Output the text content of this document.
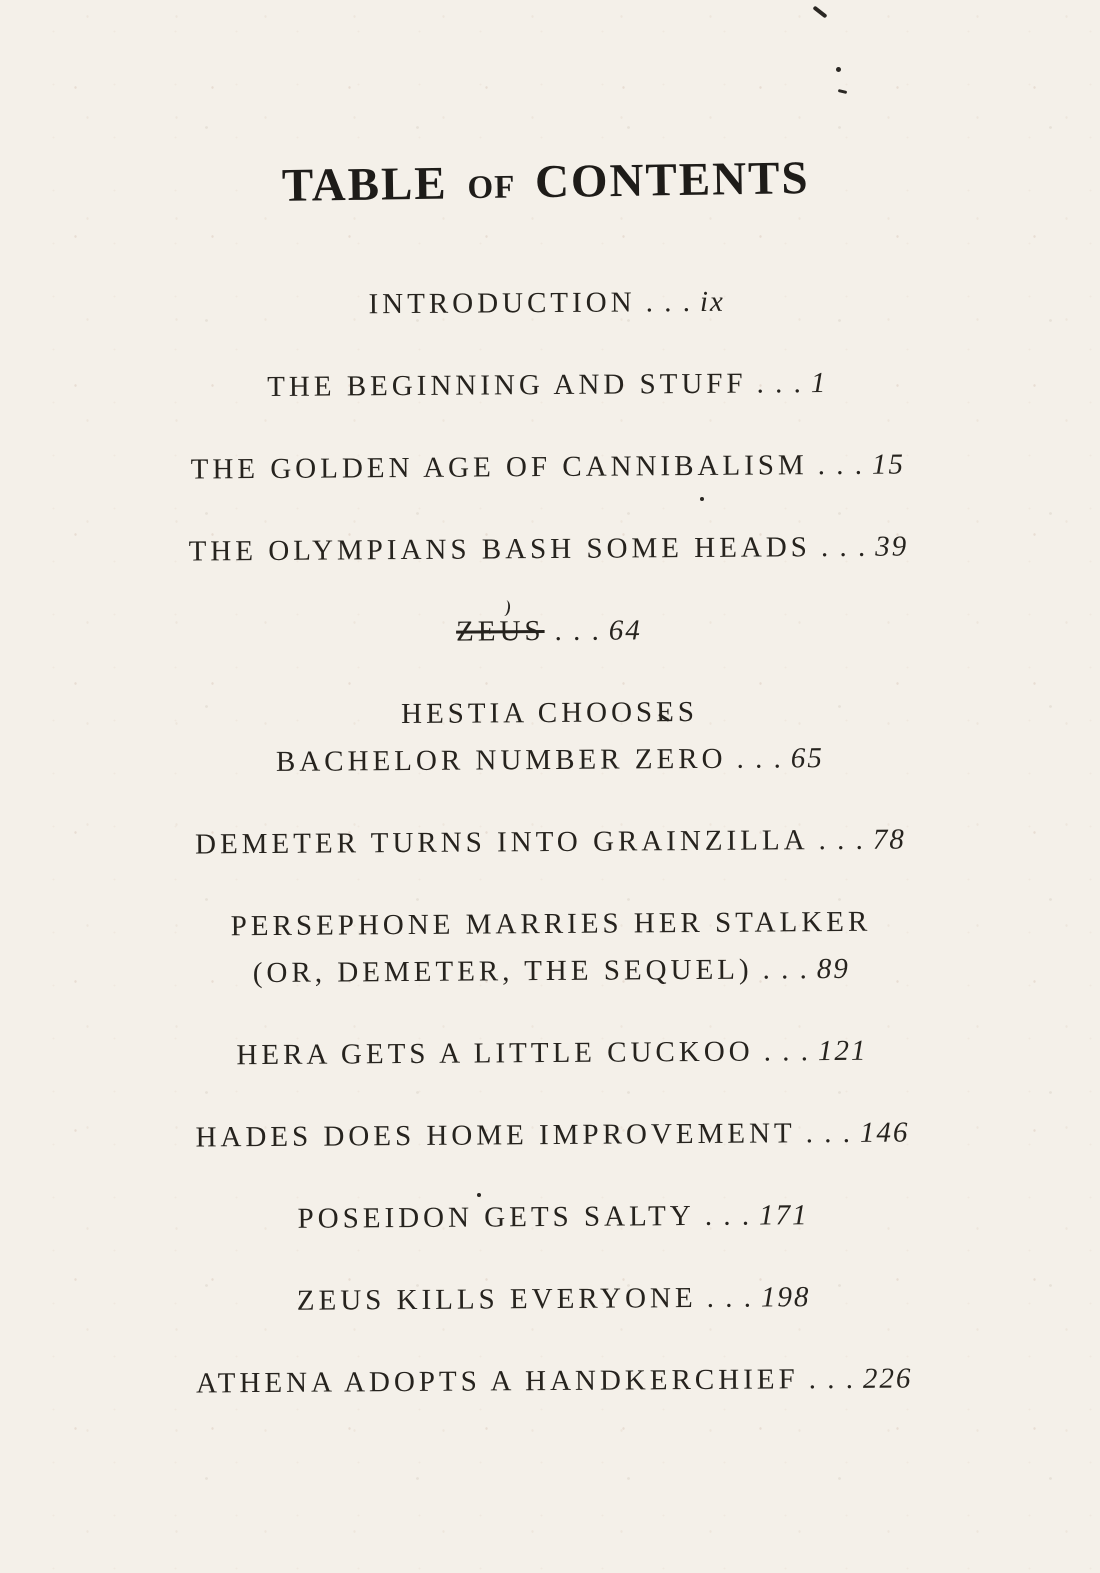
TABLE OF CONTENTS
INTRODUCTION . . . ix
THE BEGINNING AND STUFF . . . 1
THE GOLDEN AGE OF CANNIBALISM . . . 15
THE OLYMPIANS BASH SOME HEADS . . . 39
ZEUS . . . 64
HESTIA CHOOSES
BACHELOR NUMBER ZERO . . . 65
DEMETER TURNS INTO GRAINZILLA . . . 78
PERSEPHONE MARRIES HER STALKER
(OR, DEMETER, THE SEQUEL) . . . 89
HERA GETS A LITTLE CUCKOO . . . 121
HADES DOES HOME IMPROVEMENT . . . 146
POSEIDON GETS SALTY . . . 171
ZEUS KILLS EVERYONE . . . 198
ATHENA ADOPTS A HANDKERCHIEF . . . 226
